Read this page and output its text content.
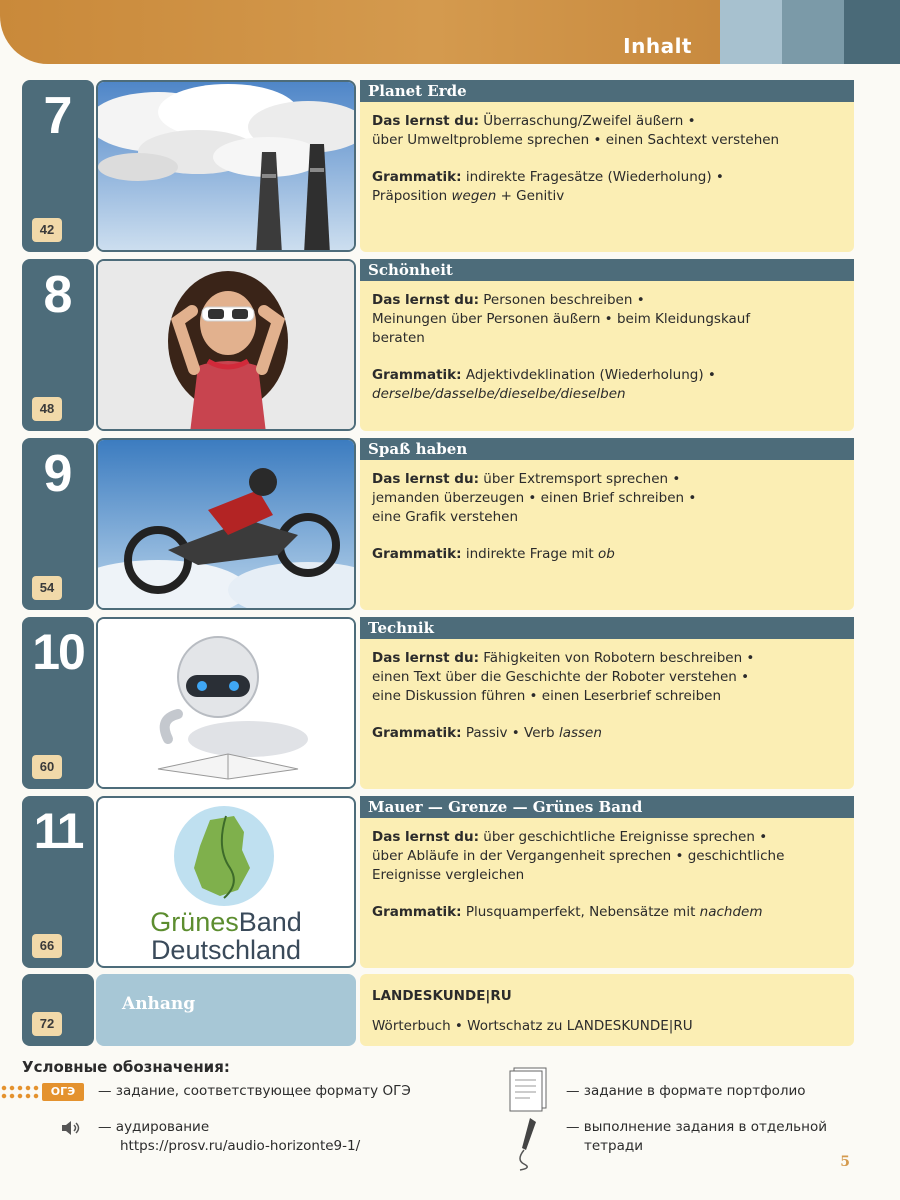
Inhalt
7
42
Planet Erde
Das lernst du: Überraschung/Zweifel äußern •
über Umweltprobleme sprechen • einen Sachtext verstehen
Grammatik: indirekte Fragesätze (Wiederholung) •
Präposition wegen + Genitiv
8
48
Schönheit
Das lernst du: Personen beschreiben •
Meinungen über Personen äußern • beim Kleidungskauf
beraten
Grammatik: Adjektivdeklination (Wiederholung) •
derselbe/dasselbe/dieselbe/dieselben
9
54
Spaß haben
Das lernst du: über Extremsport sprechen •
jemanden überzeugen • einen Brief schreiben •
eine Grafik verstehen
Grammatik: indirekte Frage mit ob
10
60
Technik
Das lernst du: Fähigkeiten von Robotern beschreiben •
einen Text über die Geschichte der Roboter verstehen •
eine Diskussion führen • einen Leserbrief schreiben
Grammatik: Passiv • Verb lassen
11
66
GrünesBand
Deutschland
Mauer — Grenze — Grünes Band
Das lernst du: über geschichtliche Ereignisse sprechen •
über Abläufe in der Vergangenheit sprechen • geschichtliche
Ereignisse vergleichen
Grammatik: Plusquamperfekt, Nebensätze mit nachdem
72
Anhang	LANDESKUNDE|RU
Wörterbuch • Wortschatz zu LANDESKUNDE|RU
Условные обозначения:
ОГЭ	— задание, соответствующее формату ОГЭ
— аудирование
https://prosv.ru/audio-horizonte9-1/
— задание в формате портфолио
— выполнение задания в отдельной
тетради
5
